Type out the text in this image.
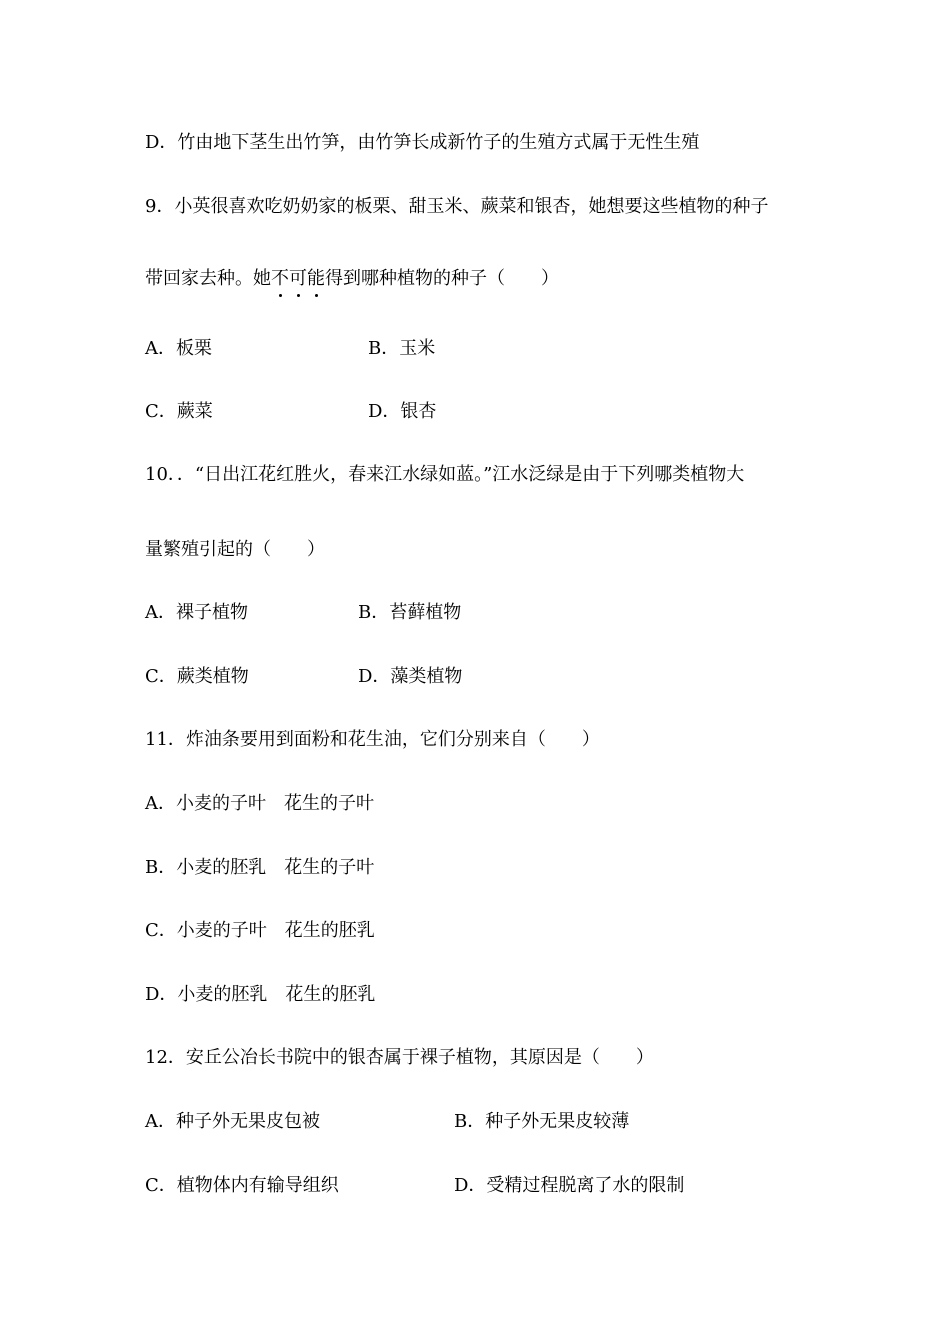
D．竹由地下茎生出竹笋，由竹笋长成新竹子的生殖方式属于无性生殖
9．小英很喜欢吃奶奶家的板栗、甜玉米、蕨菜和银杏，她想要这些植物的种子
带回家去种。她不
可
能
得到哪种植物的种子（　　）
A．板栗	B．玉米
C．蕨菜	D．银杏
10．．“日出江花红胜火，春来江水绿如蓝。”江水泛绿是由于下列哪类植物大
量繁殖引起的（　　）
A．裸子植物	B．苔藓植物
C．蕨类植物	D．藻类植物
11．炸油条要用到面粉和花生油，它们分别来自（　　）
A．小麦的子叶　花生的子叶
B．小麦的胚乳　花生的子叶
C．小麦的子叶　花生的胚乳
D．小麦的胚乳　花生的胚乳
12．安丘公冶长书院中的银杏属于裸子植物，其原因是（　　）
A．种子外无果皮包被	B．种子外无果皮较薄
C．植物体内有输导组织	D．受精过程脱离了水的限制
